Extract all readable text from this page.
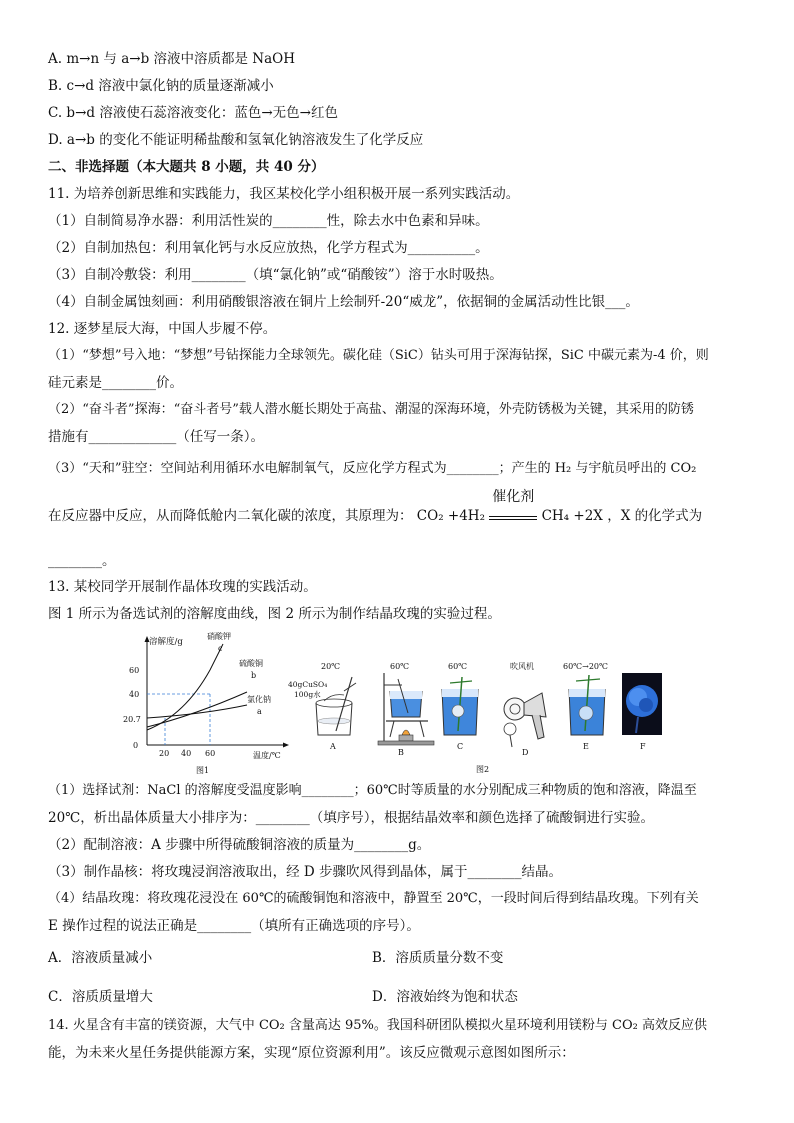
A. m→n 与 a→b 溶液中溶质都是 NaOH
B. c→d 溶液中氯化钠的质量逐渐减小
C. b→d 溶液使石蕊溶液变化：蓝色→无色→红色
D. a→b 的变化不能证明稀盐酸和氢氧化钠溶液发生了化学反应
二、非选择题（本大题共 8 小题，共 40 分）
11. 为培养创新思维和实践能力，我区某校化学小组积极开展一系列实践活动。
（1）自制简易净水器：利用活性炭的________性，除去水中色素和异味。
（2）自制加热包：利用氧化钙与水反应放热，化学方程式为__________。
（3）自制冷敷袋：利用________（填“氯化钠”或“硝酸铵”）溶于水时吸热。
（4）自制金属蚀刻画：利用硝酸银溶液在铜片上绘制歼-20“威龙”，依据铜的金属活动性比银___。
12. 逐梦星辰大海，中国人步履不停。
（1）“梦想”号入地：“梦想”号钻探能力全球领先。碳化硅（SiC）钻头可用于深海钻探，SiC 中碳元素为-4 价，则
硅元素是________价。
（2）“奋斗者”探海：“奋斗者号”载人潜水艇长期处于高盐、潮湿的深海环境，外壳防锈极为关键，其采用的防锈
措施有_____________（任写一条）。
（3）“天和”驻空：空间站利用循环水电解制氧气，反应化学方程式为________；产生的 H₂ 与宇航员呼出的 CO₂
在反应器中反应，从而降低舱内二氧化碳的浓度，其原理为： CO₂ +4H₂
催化剂
CH₄ +2X ，X 的化学式为
________。
13. 某校同学开展制作晶体玫瑰的实践活动。
图 1 所示为备选试剂的溶解度曲线，图 2 所示为制作结晶玫瑰的实验过程。
溶解度/g
温度/℃
60
40
20.7
0
20 40 60
硝酸钾
c
硫酸铜
b
氯化钠
a
图1
20℃
40gCuSO₄
100g水
60℃	60℃	吹风机	60℃→20℃
A
B
C
D
E	F
图2
（1）选择试剂：NaCl 的溶解度受温度影响________；60℃时等质量的水分别配成三种物质的饱和溶液，降温至
20℃，析出晶体质量大小排序为：________（填序号），根据结晶效率和颜色选择了硫酸铜进行实验。
（2）配制溶液：A 步骤中所得硫酸铜溶液的质量为________g。
（3）制作晶核：将玫瑰浸润溶液取出，经 D 步骤吹风得到晶体，属于________结晶。
（4）结晶玫瑰：将玫瑰花浸没在 60℃的硫酸铜饱和溶液中，静置至 20℃，一段时间后得到结晶玫瑰。下列有关
E 操作过程的说法正确是________（填所有正确选项的序号）。
A．溶液质量减小	B．溶质质量分数不变
C．溶质质量增大	D．溶液始终为饱和状态
14. 火星含有丰富的镁资源，大气中 CO₂ 含量高达 95%。我国科研团队模拟火星环境利用镁粉与 CO₂ 高效反应供
能，为未来火星任务提供能源方案，实现“原位资源利用”。该反应微观示意图如图所示：
